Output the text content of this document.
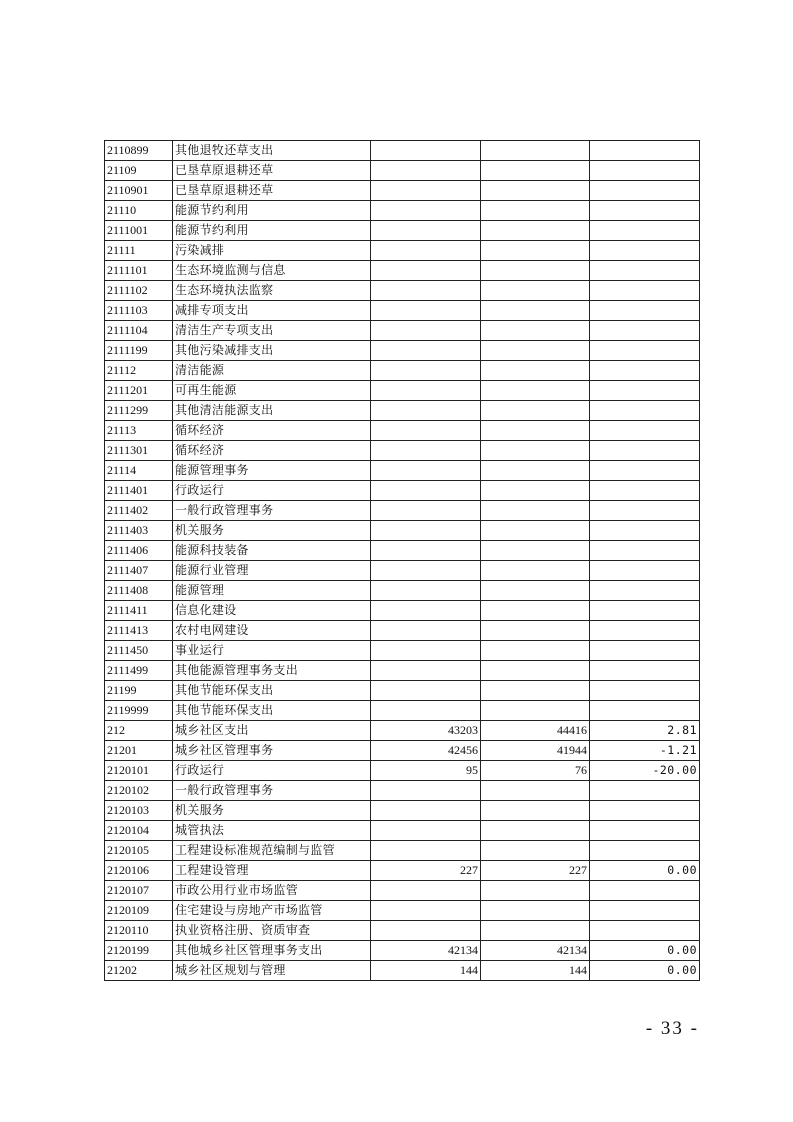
2110899	其他退牧还草支出			
21109	已垦草原退耕还草			
2110901	已垦草原退耕还草			
21110	能源节约利用			
2111001	能源节约利用			
21111	污染减排			
2111101	生态环境监测与信息			
2111102	生态环境执法监察			
2111103	减排专项支出			
2111104	清洁生产专项支出			
2111199	其他污染减排支出			
21112	清洁能源			
2111201	可再生能源			
2111299	其他清洁能源支出			
21113	循环经济			
2111301	循环经济			
21114	能源管理事务			
2111401	行政运行			
2111402	一般行政管理事务			
2111403	机关服务			
2111406	能源科技装备			
2111407	能源行业管理			
2111408	能源管理			
2111411	信息化建设			
2111413	农村电网建设			
2111450	事业运行			
2111499	其他能源管理事务支出			
21199	其他节能环保支出			
2119999	其他节能环保支出			
212	城乡社区支出	43203	44416	2.81
21201	城乡社区管理事务	42456	41944	-1.21
2120101	行政运行	95	76	-20.00
2120102	一般行政管理事务			
2120103	机关服务			
2120104	城管执法			
2120105	工程建设标准规范编制与监管			
2120106	工程建设管理	227	227	0.00
2120107	市政公用行业市场监管			
2120109	住宅建设与房地产市场监管			
2120110	执业资格注册、资质审查			
2120199	其他城乡社区管理事务支出	42134	42134	0.00
21202	城乡社区规划与管理	144	144	0.00
- 33 -
